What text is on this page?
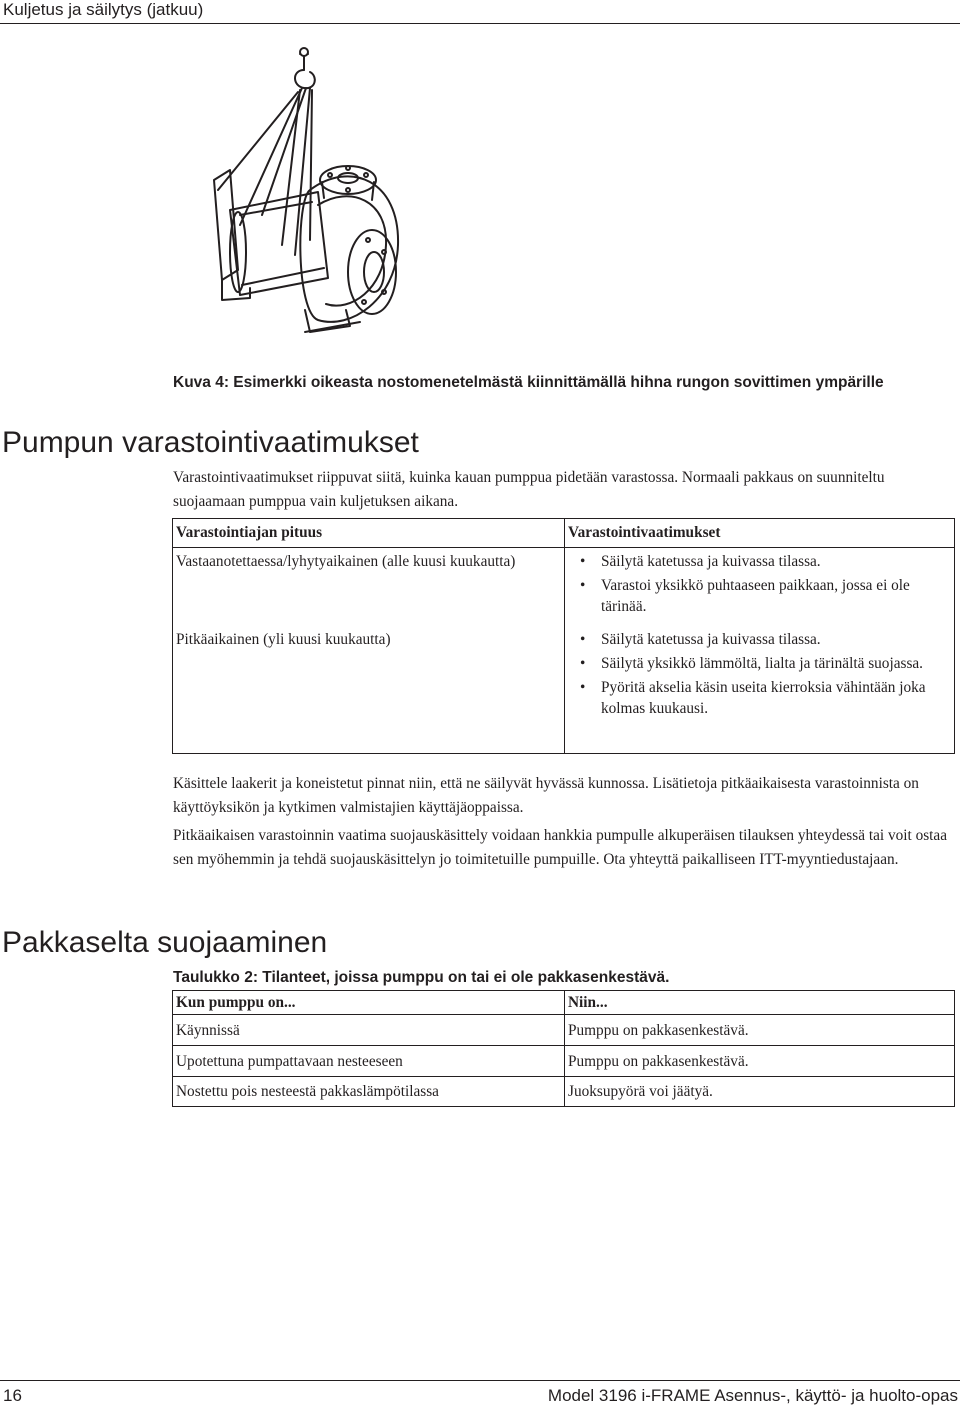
Kuljetus ja säilytys (jatkuu)
Kuva 4: Esimerkki oikeasta nostomenetelmästä kiinnittämällä hihna rungon sovittimen ympärille
Pumpun varastointivaatimukset

Varastointivaatimukset riippuvat siitä, kuinka kauan pumppua pidetään varastossa. Normaali pakkaus on suunniteltu suojaamaan pumppua vain kuljetuksen aikana.

Varastointiajan pituus	Varastointivaatimukset
Vastaanotettaessa/lyhytyaikainen (alle kuusi kuukautta)	• Säilytä katetussa ja kuivassa tilassa.
• Varastoi yksikkö puhtaaseen paikkaan, jossa ei ole tärinää.
Pitkäaikainen (yli kuusi kuukautta)	• Säilytä katetussa ja kuivassa tilassa.
• Säilytä yksikkö lämmöltä, lialta ja tärinältä suojassa.
• Pyöritä akselia käsin useita kierroksia vähintään joka kolmas kuukausi.

Käsittele laakerit ja koneistetut pinnat niin, että ne säilyvät hyvässä kunnossa. Lisätietoja pitkäaikaisesta varastoinnista on käyttöyksikön ja kytkimen valmistajien käyttäjäoppaissa.

Pitkäaikaisen varastoinnin vaatima suojauskäsittely voidaan hankkia pumpulle alkuperäisen tilauksen yhteydessä tai voit ostaa sen myöhemmin ja tehdä suojauskäsittelyn jo toimitetuille pumpuille. Ota yhteyttä paikalliseen ITT-myyntiedustajaan.

Pakkaselta suojaaminen
Taulukko 2: Tilanteet, joissa pumppu on tai ei ole pakkasenkestävä.
Kun pumppu on...	Niin...
Käynnissä	Pumppu on pakkasenkestävä.
Upotettuna pumpattavaan nesteeseen	Pumppu on pakkasenkestävä.
Nostettu pois nesteestä pakkaslämpötilassa	Juoksupyörä voi jäätyä.
16	Model 3196 i-FRAME Asennus-, käyttö- ja huolto-opas
